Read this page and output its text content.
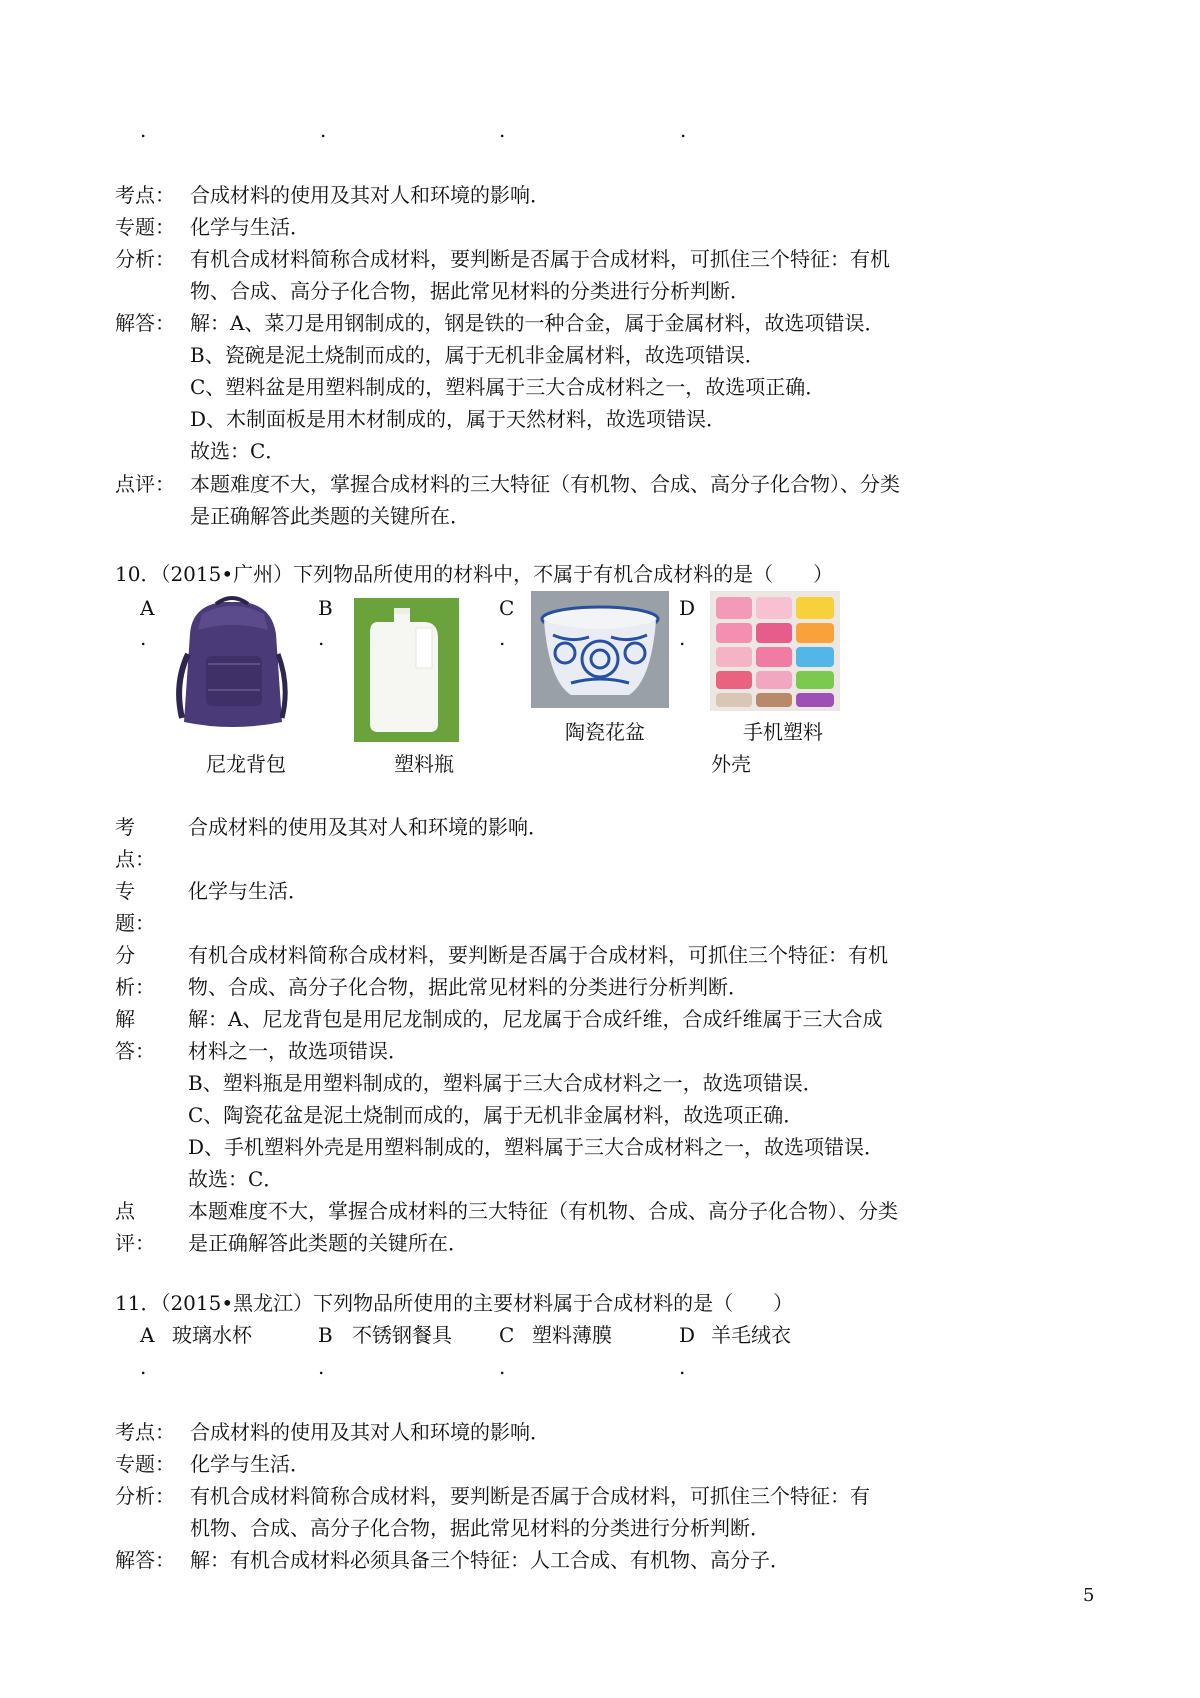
.	.	.	.
考点： 合成材料的使用及其对人和环境的影响．
专题： 化学与生活．
分析： 有机合成材料简称合成材料，要判断是否属于合成材料，可抓住三个特征：有机
物、合成、高分子化合物，据此常见材料的分类进行分析判断．
解答： 解：A、菜刀是用钢制成的，钢是铁的一种合金，属于金属材料，故选项错误．
B、瓷碗是泥土烧制而成的，属于无机非金属材料，故选项错误．
C、塑料盆是用塑料制成的，塑料属于三大合成材料之一，故选项正确．
D、木制面板是用木材制成的，属于天然材料，故选项错误．
故选：C．
点评： 本题难度不大，掌握合成材料的三大特征（有机物、合成、高分子化合物）、分类
是正确解答此类题的关键所在．
10．（2015•广州）下列物品所使用的材料中，不属于有机合成材料的是（　　）
A
.
B
.
C
.
D
.
陶瓷花盆	手机塑料
尼龙背包	塑料瓶	外壳
考	合成材料的使用及其对人和环境的影响．
点：
专	化学与生活．
题：
分	有机合成材料简称合成材料，要判断是否属于合成材料，可抓住三个特征：有机
析： 物、合成、高分子化合物，据此常见材料的分类进行分析判断．
解	解：A、尼龙背包是用尼龙制成的，尼龙属于合成纤维，合成纤维属于三大合成
答： 材料之一，故选项错误．
B、塑料瓶是用塑料制成的，塑料属于三大合成材料之一，故选项错误．
C、陶瓷花盆是泥土烧制而成的，属于无机非金属材料，故选项正确．
D、手机塑料外壳是用塑料制成的，塑料属于三大合成材料之一，故选项错误．
故选：C．
点	本题难度不大，掌握合成材料的三大特征（有机物、合成、高分子化合物）、分类
评： 是正确解答此类题的关键所在．
11．（2015•黑龙江）下列物品所使用的主要材料属于合成材料的是（　　）
A 玻璃水杯	B 不锈钢餐具 C 塑料薄膜	D 羊毛绒衣
.	.	.	.
考点： 合成材料的使用及其对人和环境的影响．
专题： 化学与生活．
分析： 有机合成材料简称合成材料，要判断是否属于合成材料，可抓住三个特征：有
机物、合成、高分子化合物，据此常见材料的分类进行分析判断．
解答： 解：有机合成材料必须具备三个特征：人工合成、有机物、高分子．
5
